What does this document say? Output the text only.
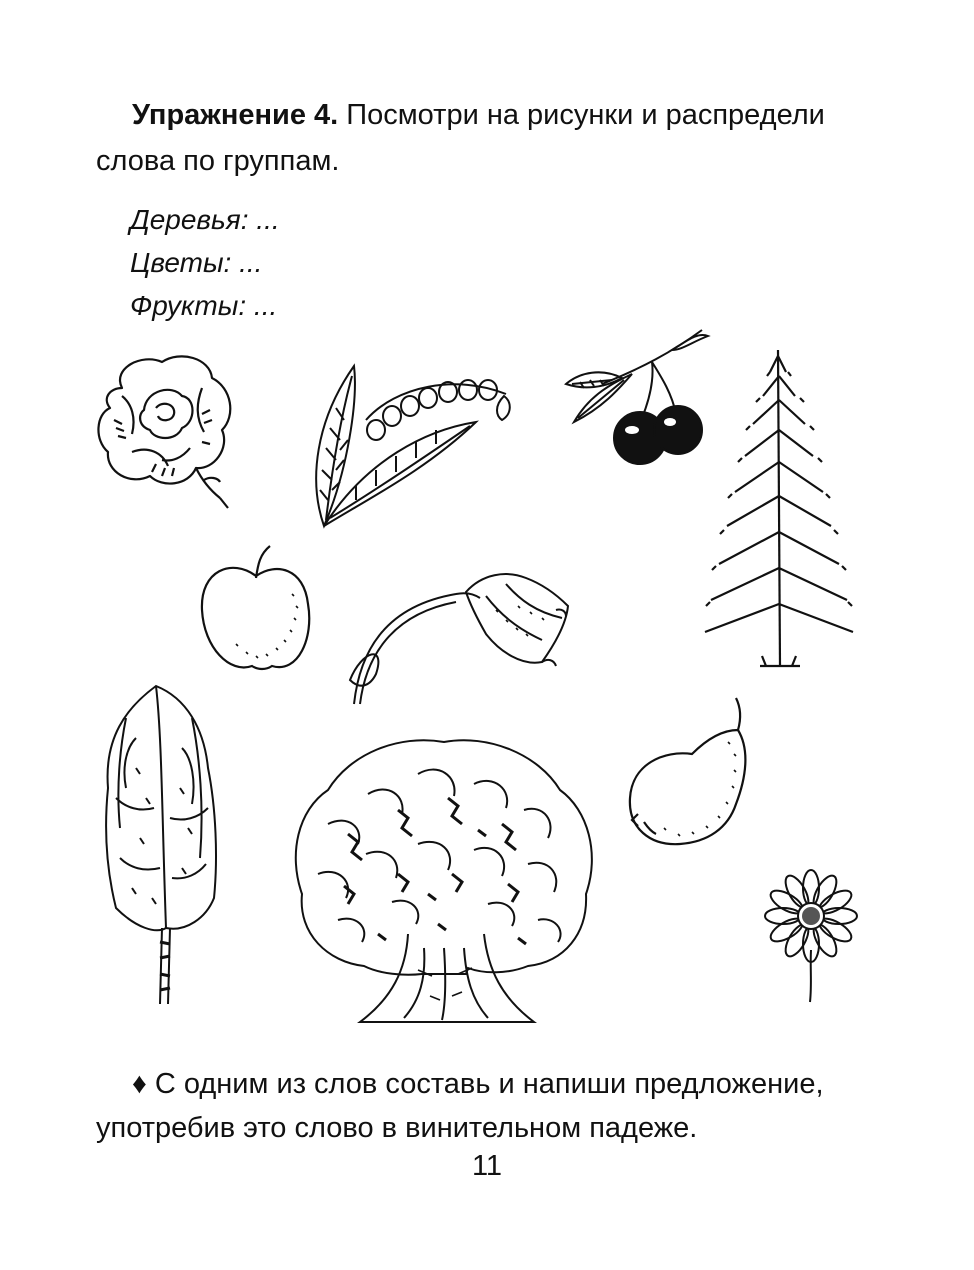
Упражнение 4. Посмотри на рисунки и распредели слова по группам.
Деревья: ...
Цветы: ...
Фрукты: ...
♦ С одним из слов составь и напиши предложение, употребив это слово в винительном падеже.
11
